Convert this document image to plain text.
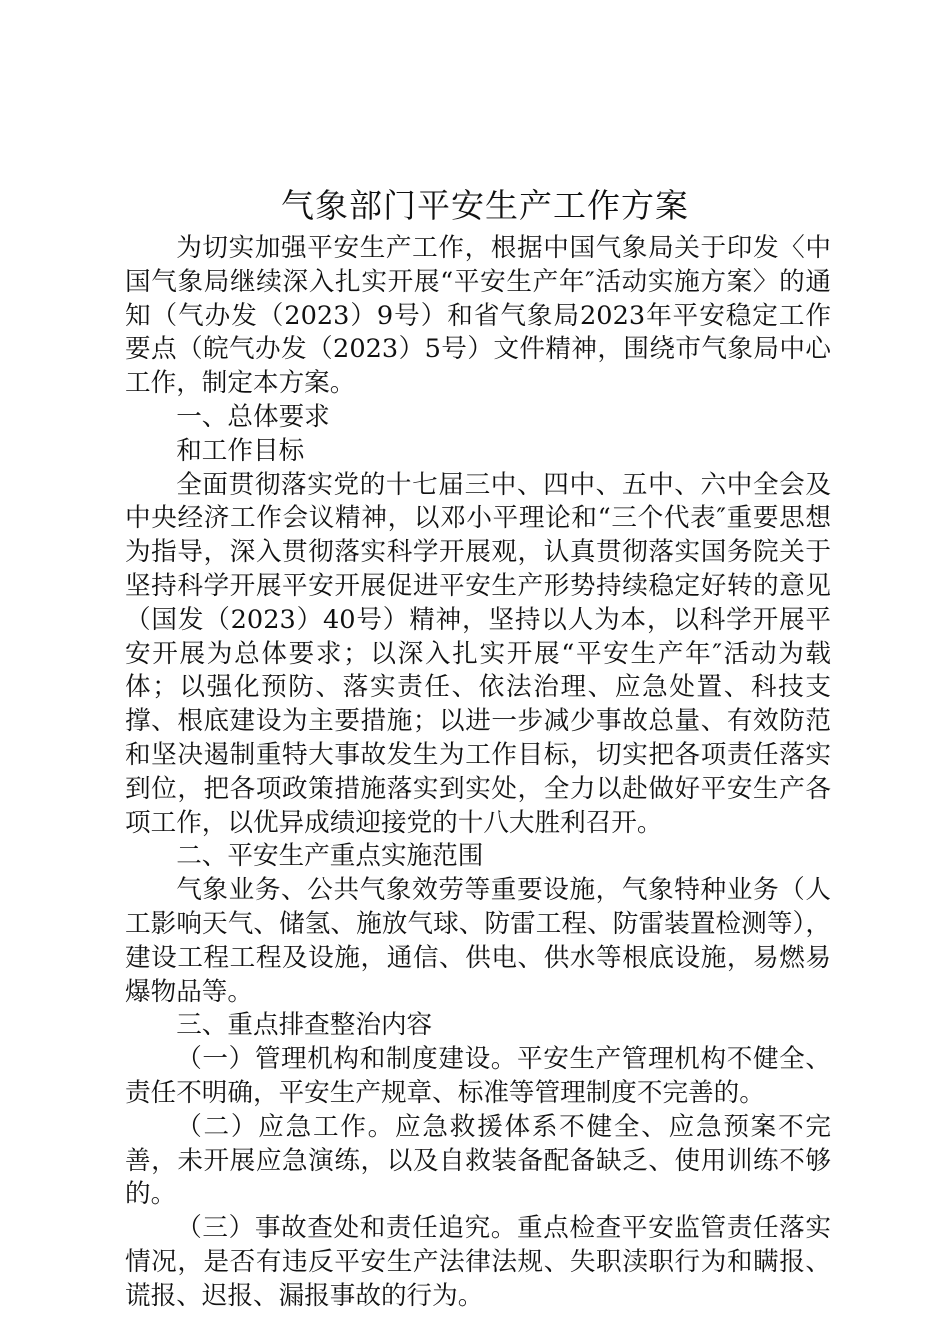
气象部门平安生产工作方案

为切实加强平安生产工作，根据中国气象局关于印发〈中国气象局继续深入扎实开展“平安生产年″活动实施方案〉的通知（气办发（2023）9号）和省气象局2023年平安稳定工作要点（皖气办发（2023）5号）文件精神，围绕市气象局中心工作，制定本方案。

一、总体要求

和工作目标

全面贯彻落实党的十七届三中、四中、五中、六中全会及中央经济工作会议精神，以邓小平理论和“三个代表″重要思想为指导，深入贯彻落实科学开展观，认真贯彻落实国务院关于坚持科学开展平安开展促进平安生产形势持续稳定好转的意见（国发（2023）40号）精神，坚持以人为本，以科学开展平安开展为总体要求；以深入扎实开展“平安生产年″活动为载体；以强化预防、落实责任、依法治理、应急处置、科技支撑、根底建设为主要措施；以进一步减少事故总量、有效防范和坚决遏制重特大事故发生为工作目标，切实把各项责任落实到位，把各项政策措施落实到实处，全力以赴做好平安生产各项工作，以优异成绩迎接党的十八大胜利召开。

二、平安生产重点实施范围

气象业务、公共气象效劳等重要设施，气象特种业务（人工影响天气、储氢、施放气球、防雷工程、防雷装置检测等），建设工程工程及设施，通信、供电、供水等根底设施，易燃易爆物品等。

三、重点排查整治内容

（一）管理机构和制度建设。平安生产管理机构不健全、责任不明确，平安生产规章、标准等管理制度不完善的。

（二）应急工作。应急救援体系不健全、应急预案不完善，未开展应急演练，以及自救装备配备缺乏、使用训练不够的。

（三）事故查处和责任追究。重点检查平安监管责任落实情况，是否有违反平安生产法律法规、失职渎职行为和瞒报、谎报、迟报、漏报事故的行为。
